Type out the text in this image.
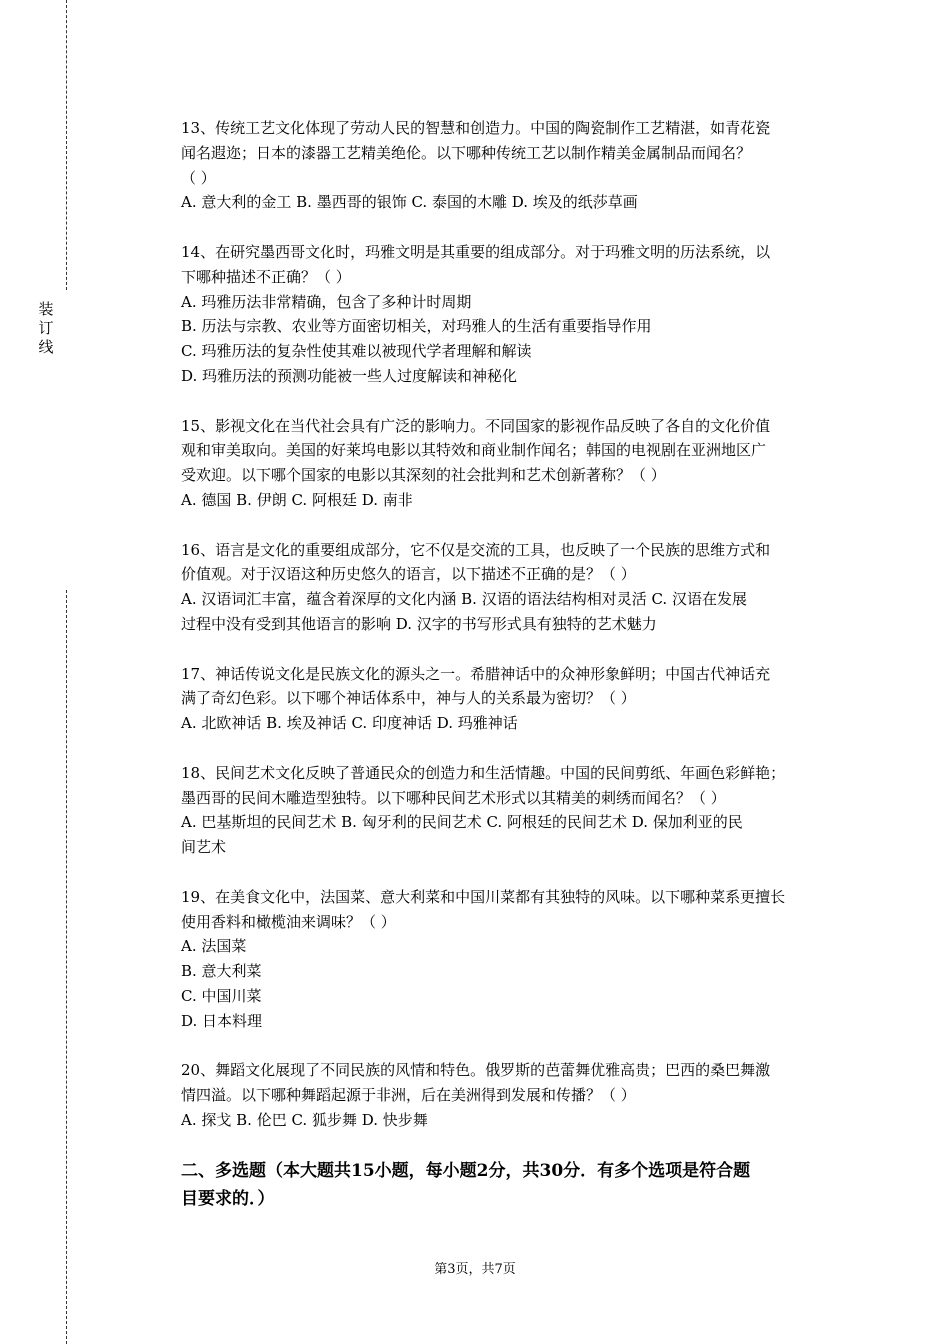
装
订
线
13、传统工艺文化体现了劳动人民的智慧和创造力。中国的陶瓷制作工艺精湛，如青花瓷
闻名遐迩；日本的漆器工艺精美绝伦。以下哪种传统工艺以制作精美金属制品而闻名？
（ ）
A. 意大利的金工 B. 墨西哥的银饰 C. 泰国的木雕 D. 埃及的纸莎草画
14、在研究墨西哥文化时，玛雅文明是其重要的组成部分。对于玛雅文明的历法系统，以
下哪种描述不正确？（ ）
A. 玛雅历法非常精确，包含了多种计时周期
B. 历法与宗教、农业等方面密切相关，对玛雅人的生活有重要指导作用
C. 玛雅历法的复杂性使其难以被现代学者理解和解读
D. 玛雅历法的预测功能被一些人过度解读和神秘化
15、影视文化在当代社会具有广泛的影响力。不同国家的影视作品反映了各自的文化价值
观和审美取向。美国的好莱坞电影以其特效和商业制作闻名；韩国的电视剧在亚洲地区广
受欢迎。以下哪个国家的电影以其深刻的社会批判和艺术创新著称？（ ）
A. 德国 B. 伊朗 C. 阿根廷 D. 南非
16、语言是文化的重要组成部分，它不仅是交流的工具，也反映了一个民族的思维方式和
价值观。对于汉语这种历史悠久的语言，以下描述不正确的是？（ ）
A. 汉语词汇丰富，蕴含着深厚的文化内涵 B. 汉语的语法结构相对灵活 C. 汉语在发展
过程中没有受到其他语言的影响 D. 汉字的书写形式具有独特的艺术魅力
17、神话传说文化是民族文化的源头之一。希腊神话中的众神形象鲜明；中国古代神话充
满了奇幻色彩。以下哪个神话体系中，神与人的关系最为密切？（ ）
A. 北欧神话 B. 埃及神话 C. 印度神话 D. 玛雅神话
18、民间艺术文化反映了普通民众的创造力和生活情趣。中国的民间剪纸、年画色彩鲜艳；
墨西哥的民间木雕造型独特。以下哪种民间艺术形式以其精美的刺绣而闻名？（ ）
A. 巴基斯坦的民间艺术 B. 匈牙利的民间艺术 C. 阿根廷的民间艺术 D. 保加利亚的民
间艺术
19、在美食文化中，法国菜、意大利菜和中国川菜都有其独特的风味。以下哪种菜系更擅长
使用香料和橄榄油来调味？（ ）
A. 法国菜
B. 意大利菜
C. 中国川菜
D. 日本料理
20、舞蹈文化展现了不同民族的风情和特色。俄罗斯的芭蕾舞优雅高贵；巴西的桑巴舞激
情四溢。以下哪种舞蹈起源于非洲，后在美洲得到发展和传播？（ ）
A. 探戈 B. 伦巴 C. 狐步舞 D. 快步舞
二、多选题（本大题共15小题，每小题2分，共30分．有多个选项是符合题
目要求的．）
第3页，共7页
